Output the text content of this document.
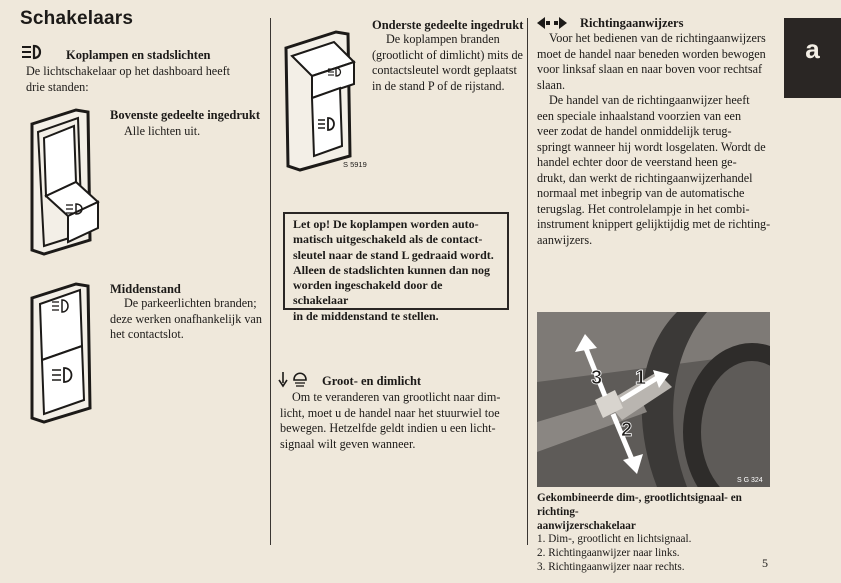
Schakelaars
a
Koplampen en stadslichten
De lichtschakelaar op het dashboard heeft
drie standen:
Bovenste gedeelte ingedrukt
Alle lichten uit.
Middenstand
De parkeerlichten branden;
deze werken onafhankelijk van
het contactslot.
S 5919
Onderste gedeelte ingedrukt
De koplampen branden
(grootlicht of dimlicht) mits de
contactsleutel wordt geplaatst
in de stand P of de rijstand.
Let op! De koplampen worden auto-
matisch uitgeschakeld als de contact-
sleutel naar de stand L gedraaid wordt.
Alleen de stadslichten kunnen dan nog
worden ingeschakeld door de schakelaar
in de middenstand te stellen.
Groot- en dimlicht
Om te veranderen van grootlicht naar dim-
licht, moet u de handel naar het stuurwiel toe
bewegen. Hetzelfde geldt indien u een licht-
signaal wilt geven wanneer.
Richtingaanwijzers
Voor het bedienen van de richtingaanwijzers
moet de handel naar beneden worden bewogen
voor linksaf slaan en naar boven voor rechtsaf
slaan.
De handel van de richtingaanwijzer heeft
een speciale inhaalstand voorzien van een
veer zodat de handel onmiddelijk terug-
springt wanneer hij wordt losgelaten. Wordt de
handel echter door de veerstand heen ge-
drukt, dan werkt de richtingaanwijzerhandel
normaal met inbegrip van de automatische
terugslag. Het controlelampje in het combi-
instrument knippert gelijktijdig met de richting-
aanwijzers.
3 1
2
S G 324
Gekombineerde dim-, grootlichtsignaal- en richting-
aanwijzerschakelaar
1. Dim-, grootlicht en lichtsignaal.
2. Richtingaanwijzer naar links.
3. Richtingaanwijzer naar rechts.	5
